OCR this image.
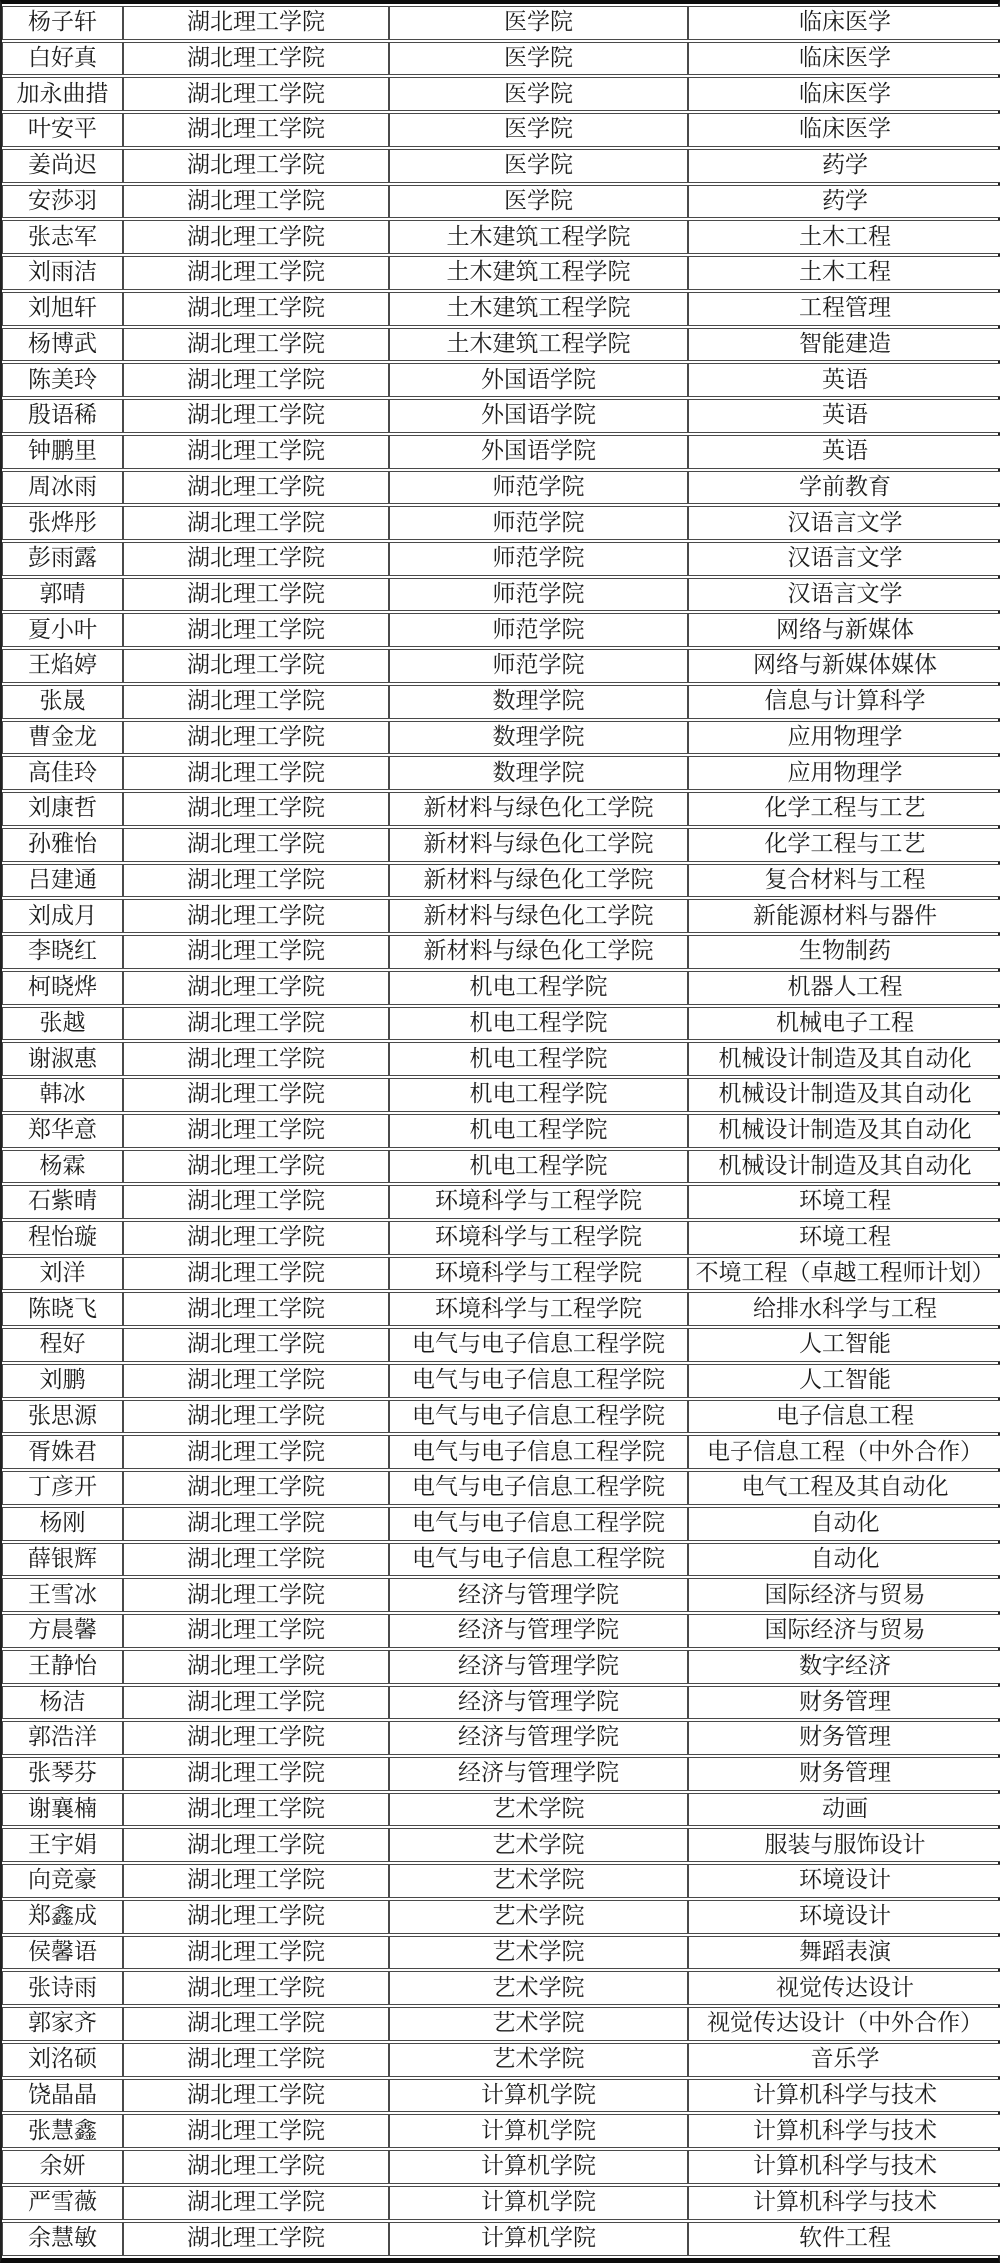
杨子轩	湖北理工学院	医学院	临床医学
白好真	湖北理工学院	医学院	临床医学
加永曲措	湖北理工学院	医学院	临床医学
叶安平	湖北理工学院	医学院	临床医学
姜尚迟	湖北理工学院	医学院	药学
安莎羽	湖北理工学院	医学院	药学
张志军	湖北理工学院	土木建筑工程学院	土木工程
刘雨洁	湖北理工学院	土木建筑工程学院	土木工程
刘旭轩	湖北理工学院	土木建筑工程学院	工程管理
杨博武	湖北理工学院	土木建筑工程学院	智能建造
陈美玲	湖北理工学院	外国语学院	英语
殷语稀	湖北理工学院	外国语学院	英语
钟鹏里	湖北理工学院	外国语学院	英语
周冰雨	湖北理工学院	师范学院	学前教育
张烨彤	湖北理工学院	师范学院	汉语言文学
彭雨露	湖北理工学院	师范学院	汉语言文学
郭晴	湖北理工学院	师范学院	汉语言文学
夏小叶	湖北理工学院	师范学院	网络与新媒体
王焰婷	湖北理工学院	师范学院	网络与新媒体媒体
张晟	湖北理工学院	数理学院	信息与计算科学
曹金龙	湖北理工学院	数理学院	应用物理学
高佳玲	湖北理工学院	数理学院	应用物理学
刘康哲	湖北理工学院	新材料与绿色化工学院	化学工程与工艺
孙雅怡	湖北理工学院	新材料与绿色化工学院	化学工程与工艺
吕建通	湖北理工学院	新材料与绿色化工学院	复合材料与工程
刘成月	湖北理工学院	新材料与绿色化工学院	新能源材料与器件
李晓红	湖北理工学院	新材料与绿色化工学院	生物制药
柯晓烨	湖北理工学院	机电工程学院	机器人工程
张越	湖北理工学院	机电工程学院	机械电子工程
谢淑惠	湖北理工学院	机电工程学院	机械设计制造及其自动化
韩冰	湖北理工学院	机电工程学院	机械设计制造及其自动化
郑华意	湖北理工学院	机电工程学院	机械设计制造及其自动化
杨霖	湖北理工学院	机电工程学院	机械设计制造及其自动化
石紫晴	湖北理工学院	环境科学与工程学院	环境工程
程怡璇	湖北理工学院	环境科学与工程学院	环境工程
刘洋	湖北理工学院	环境科学与工程学院	不境工程（卓越工程师计划）
陈晓飞	湖北理工学院	环境科学与工程学院	给排水科学与工程
程好	湖北理工学院	电气与电子信息工程学院	人工智能
刘鹏	湖北理工学院	电气与电子信息工程学院	人工智能
张思源	湖北理工学院	电气与电子信息工程学院	电子信息工程
胥姝君	湖北理工学院	电气与电子信息工程学院	电子信息工程（中外合作）
丁彦开	湖北理工学院	电气与电子信息工程学院	电气工程及其自动化
杨刚	湖北理工学院	电气与电子信息工程学院	自动化
薛银辉	湖北理工学院	电气与电子信息工程学院	自动化
王雪冰	湖北理工学院	经济与管理学院	国际经济与贸易
方晨馨	湖北理工学院	经济与管理学院	国际经济与贸易
王静怡	湖北理工学院	经济与管理学院	数字经济
杨洁	湖北理工学院	经济与管理学院	财务管理
郭浩洋	湖北理工学院	经济与管理学院	财务管理
张琴芬	湖北理工学院	经济与管理学院	财务管理
谢襄楠	湖北理工学院	艺术学院	动画
王宇娟	湖北理工学院	艺术学院	服装与服饰设计
向竞豪	湖北理工学院	艺术学院	环境设计
郑鑫成	湖北理工学院	艺术学院	环境设计
侯馨语	湖北理工学院	艺术学院	舞蹈表演
张诗雨	湖北理工学院	艺术学院	视觉传达设计
郭家齐	湖北理工学院	艺术学院	视觉传达设计（中外合作）
刘洺硕	湖北理工学院	艺术学院	音乐学
饶晶晶	湖北理工学院	计算机学院	计算机科学与技术
张慧鑫	湖北理工学院	计算机学院	计算机科学与技术
余妍	湖北理工学院	计算机学院	计算机科学与技术
严雪薇	湖北理工学院	计算机学院	计算机科学与技术
余慧敏	湖北理工学院	计算机学院	软件工程
